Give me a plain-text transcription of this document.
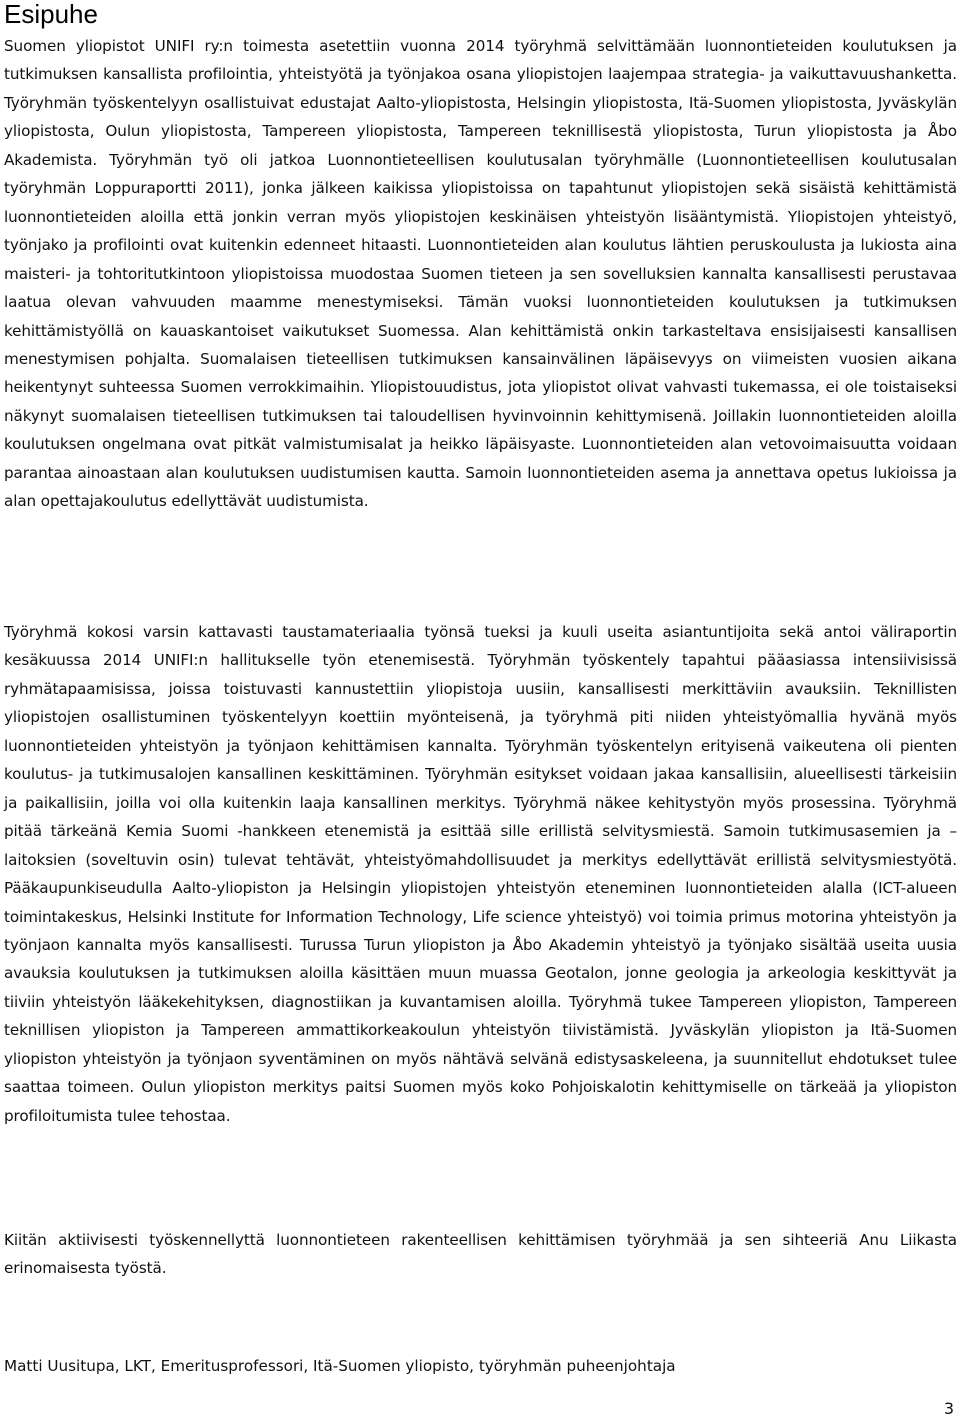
Esipuhe

Suomen yliopistot UNIFI ry:n toimesta asetettiin vuonna 2014 työryhmä selvittämään luonnontieteiden koulutuksen ja tutkimuksen kansallista profilointia, yhteistyötä ja työnjakoa osana yliopistojen laajempaa strategia- ja vaikuttavuushanketta. Työryhmän työskentelyyn osallistuivat edustajat Aalto-yliopistosta, Helsingin yliopistosta, Itä-Suomen yliopistosta, Jyväskylän yliopistosta, Oulun yliopistosta, Tampereen yliopistosta, Tampereen teknillisestä yliopistosta, Turun yliopistosta ja Åbo Akademista. Työryhmän työ oli jatkoa Luonnontieteellisen koulutusalan työryhmälle (Luonnontieteellisen koulutusalan työryhmän Loppuraportti 2011), jonka jälkeen kaikissa yliopistoissa on tapahtunut yliopistojen sekä sisäistä kehittämistä luonnontieteiden aloilla että jonkin verran myös yliopistojen keskinäisen yhteistyön lisääntymistä. Yliopistojen yhteistyö, työnjako ja profilointi ovat kuitenkin edenneet hitaasti. Luonnontieteiden alan koulutus lähtien peruskoulusta ja lukiosta aina maisteri- ja tohtoritutkintoon yliopistoissa muodostaa Suomen tieteen ja sen sovelluksien kannalta kansallisesti perustavaa laatua olevan vahvuuden maamme menestymiseksi. Tämän vuoksi luonnontieteiden koulutuksen ja tutkimuksen kehittämistyöllä on kauaskantoiset vaikutukset Suomessa. Alan kehittämistä onkin tarkasteltava ensisijaisesti kansallisen menestymisen pohjalta. Suomalaisen tieteellisen tutkimuksen kansainvälinen läpäisevyys on viimeisten vuosien aikana heikentynyt suhteessa Suomen verrokkimaihin. Yliopistouudistus, jota yliopistot olivat vahvasti tukemassa, ei ole toistaiseksi näkynyt suomalaisen tieteellisen tutkimuksen tai taloudellisen hyvinvoinnin kehittymisenä. Joillakin luonnontieteiden aloilla koulutuksen ongelmana ovat pitkät valmistumisalat ja heikko läpäisyaste. Luonnontieteiden alan vetovoimaisuutta voidaan parantaa ainoastaan alan koulutuksen uudistumisen kautta. Samoin luonnontieteiden asema ja annettava opetus lukioissa ja alan opettajakoulutus edellyttävät uudistumista.

Työryhmä kokosi varsin kattavasti taustamateriaalia työnsä tueksi ja kuuli useita asiantuntijoita sekä antoi väliraportin kesäkuussa 2014 UNIFI:n hallitukselle työn etenemisestä. Työryhmän työskentely tapahtui pääasiassa intensiivisissä ryhmätapaamisissa, joissa toistuvasti kannustettiin yliopistoja uusiin, kansallisesti merkittäviin avauksiin. Teknillisten yliopistojen osallistuminen työskentelyyn koettiin myönteisenä, ja työryhmä piti niiden yhteistyömallia hyvänä myös luonnontieteiden yhteistyön ja työnjaon kehittämisen kannalta. Työryhmän työskentelyn erityisenä vaikeutena oli pienten koulutus- ja tutkimusalojen kansallinen keskittäminen. Työryhmän esitykset voidaan jakaa kansallisiin, alueellisesti tärkeisiin ja paikallisiin, joilla voi olla kuitenkin laaja kansallinen merkitys. Työryhmä näkee kehitystyön myös prosessina. Työryhmä pitää tärkeänä Kemia Suomi -hankkeen etenemistä ja esittää sille erillistä selvitysmiestä. Samoin tutkimusasemien ja –laitoksien (soveltuvin osin) tulevat tehtävät, yhteistyömahdollisuudet ja merkitys edellyttävät erillistä selvitysmiestyötä. Pääkaupunkiseudulla Aalto-yliopiston ja Helsingin yliopistojen yhteistyön eteneminen luonnontieteiden alalla (ICT-alueen toimintakeskus, Helsinki Institute for Information Technology, Life science yhteistyö) voi toimia primus motorina yhteistyön ja työnjaon kannalta myös kansallisesti. Turussa Turun yliopiston ja Åbo Akademin yhteistyö ja työnjako sisältää useita uusia avauksia koulutuksen ja tutkimuksen aloilla käsittäen muun muassa Geotalon, jonne geologia ja arkeologia keskittyvät ja tiiviin yhteistyön lääkekehityksen, diagnostiikan ja kuvantamisen aloilla. Työryhmä tukee Tampereen yliopiston, Tampereen teknillisen yliopiston ja Tampereen ammattikorkeakoulun yhteistyön tiivistämistä. Jyväskylän yliopiston ja Itä-Suomen yliopiston yhteistyön ja työnjaon syventäminen on myös nähtävä selvänä edistysaskeleena, ja suunnitellut ehdotukset tulee saattaa toimeen. Oulun yliopiston merkitys paitsi Suomen myös koko Pohjoiskalotin kehittymiselle on tärkeää ja yliopiston profiloitumista tulee tehostaa.

Kiitän aktiivisesti työskennellyttä luonnontieteen rakenteellisen kehittämisen työryhmää ja sen sihteeriä Anu Liikasta erinomaisesta työstä.

Matti Uusitupa, LKT, Emeritusprofessori, Itä-Suomen yliopisto, työryhmän puheenjohtaja

3
